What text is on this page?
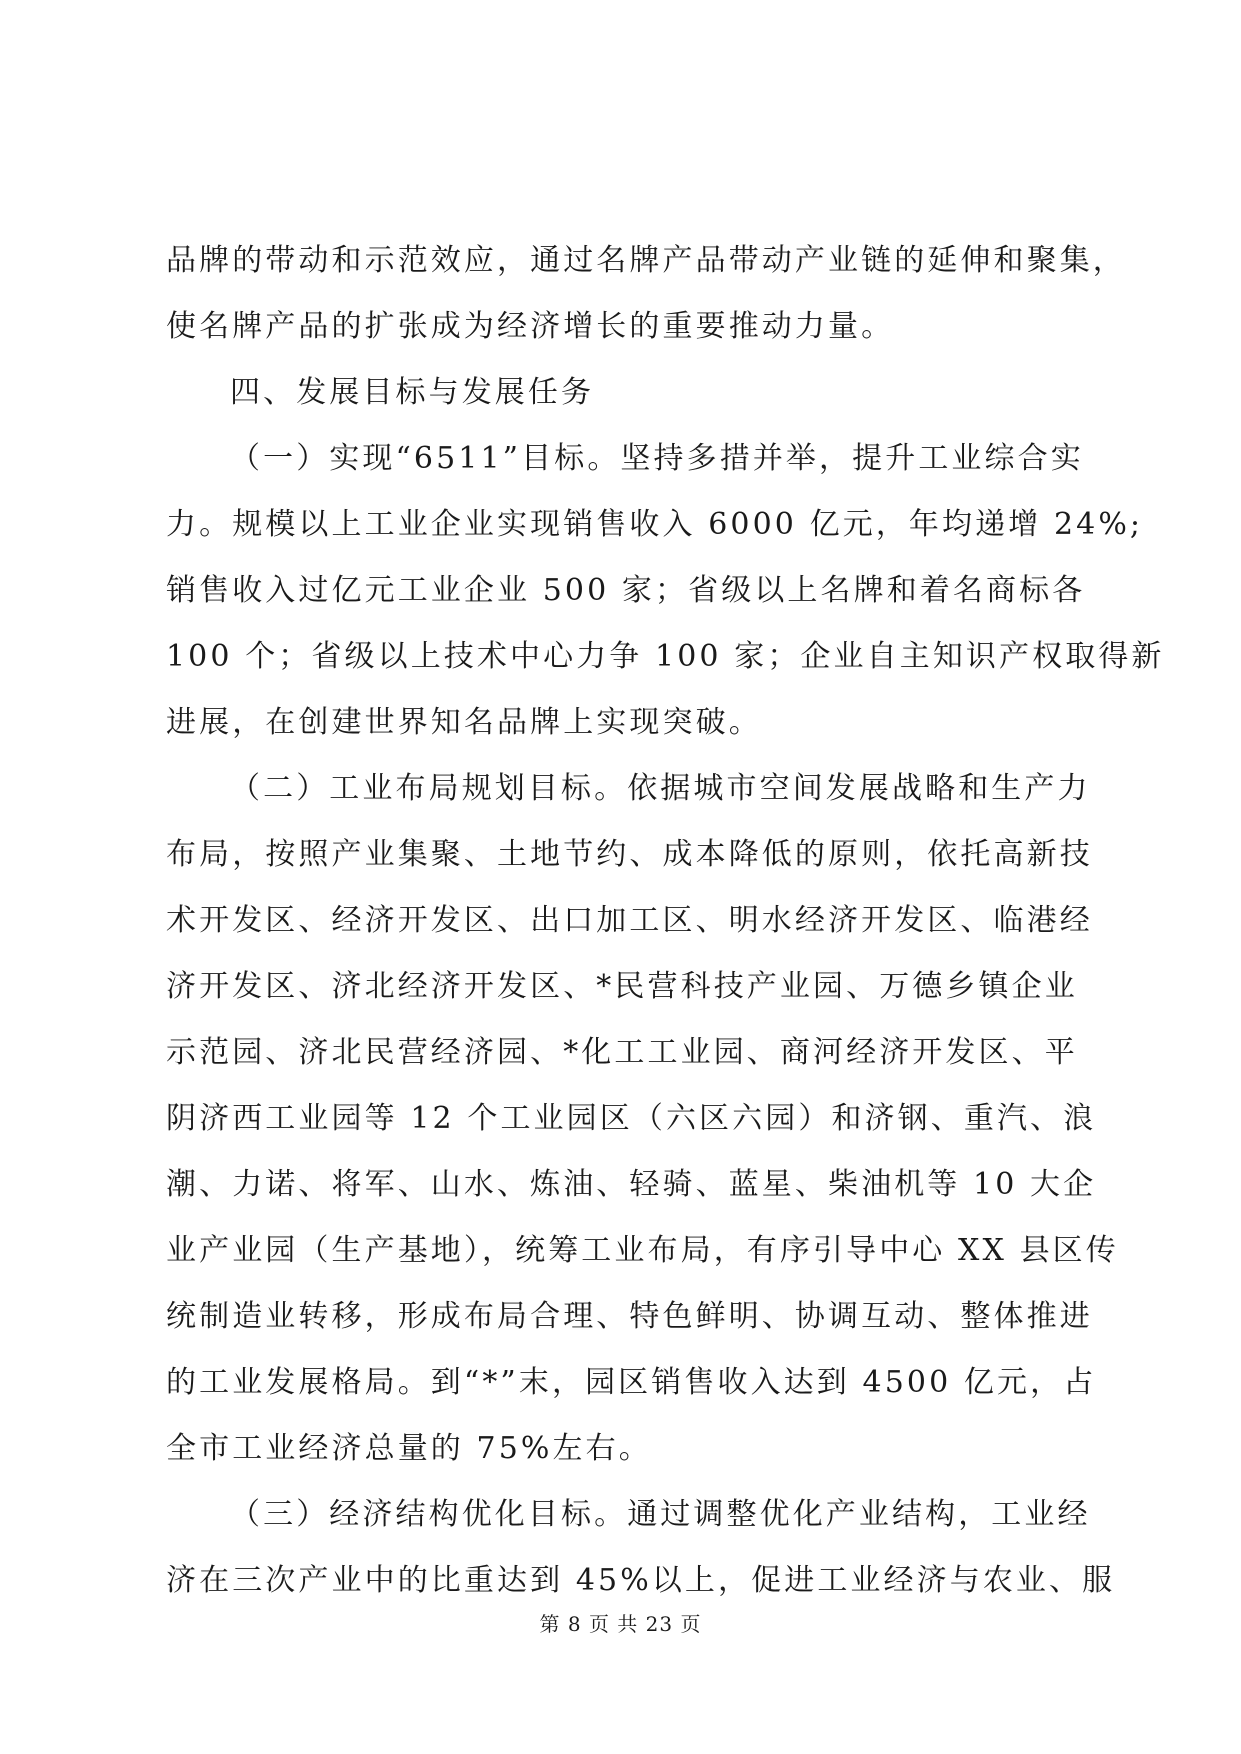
品牌的带动和示范效应，通过名牌产品带动产业链的延伸和聚集，
使名牌产品的扩张成为经济增长的重要推动力量。
四、发展目标与发展任务
（一）实现“6511”目标。坚持多措并举，提升工业综合实
力。规模以上工业企业实现销售收入 6000 亿元，年均递增 24%;
销售收入过亿元工业企业 500 家；省级以上名牌和着名商标各
100 个；省级以上技术中心力争 100 家；企业自主知识产权取得新
进展，在创建世界知名品牌上实现突破。
（二）工业布局规划目标。依据城市空间发展战略和生产力
布局，按照产业集聚、土地节约、成本降低的原则，依托高新技
术开发区、经济开发区、出口加工区、明水经济开发区、临港经
济开发区、济北经济开发区、*民营科技产业园、万德乡镇企业
示范园、济北民营经济园、*化工工业园、商河经济开发区、平
阴济西工业园等 12 个工业园区（六区六园）和济钢、重汽、浪
潮、力诺、将军、山水、炼油、轻骑、蓝星、柴油机等 10 大企
业产业园（生产基地），统筹工业布局，有序引导中心 XX 县区传
统制造业转移，形成布局合理、特色鲜明、协调互动、整体推进
的工业发展格局。到“*”末，园区销售收入达到 4500 亿元，占
全市工业经济总量的 75%左右。
（三）经济结构优化目标。通过调整优化产业结构，工业经
济在三次产业中的比重达到 45%以上，促进工业经济与农业、服
第 8 页 共 23 页
